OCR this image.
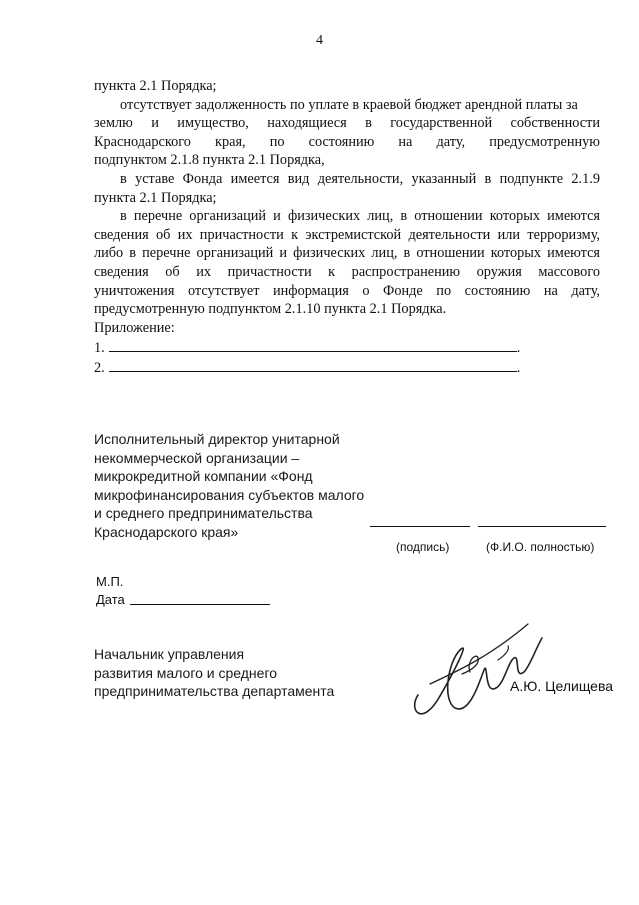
4
пункта 2.1 Порядка;
отсутствует задолженность по уплате в краевой бюджет арендной платы за
землю и имущество, находящиеся в государственной собственности
Краснодарского края, по состоянию на дату, предусмотренную
подпунктом 2.1.8 пункта 2.1 Порядка,
в уставе Фонда имеется вид деятельности, указанный в подпункте 2.1.9
пункта 2.1 Порядка;
в перечне организаций и физических лиц, в отношении которых имеются
сведения об их причастности к экстремистской деятельности или терроризму,
либо в перечне организаций и физических лиц, в отношении которых имеются
сведения об их причастности к распространению оружия массового
уничтожения отсутствует информация о Фонде по состоянию на дату,
предусмотренную подпунктом 2.1.10 пункта 2.1 Порядка.
Приложение:
1.	.
2.	.
Исполнительный директор унитарной
некоммерческой организации –
микрокредитной компании «Фонд
микрофинансирования субъектов малого
и среднего предпринимательства
Краснодарского края»
(подпись)	(Ф.И.О. полностью)
М.П.
Дата
Начальник управления
развития малого и среднего
предпринимательства департамента	А.Ю. Целищева
